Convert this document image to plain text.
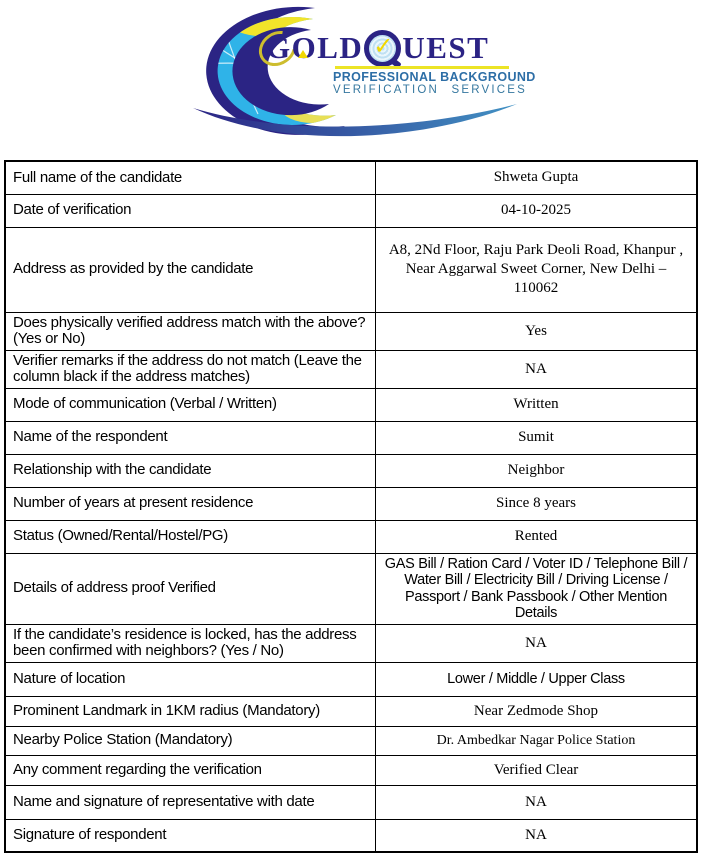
GOLD ✓ UEST
PROFESSIONAL BACKGROUND
VERIFICATION SERVICES
Full name of the candidate	Shweta Gupta
Date of verification	04-10-2025
Address as provided by the candidate	A8, 2Nd Floor, Raju Park Deoli Road, Khanpur , Near Aggarwal Sweet Corner, New Delhi – 110062
Does physically verified address match with the above? (Yes or No)	Yes
Verifier remarks if the address do not match (Leave the column black if the address matches)	NA
Mode of communication (Verbal / Written)	Written
Name of the respondent	Sumit
Relationship with the candidate	Neighbor
Number of years at present residence	Since 8 years
Status (Owned/Rental/Hostel/PG)	Rented
Details of address proof Verified	GAS Bill / Ration Card / Voter ID / Telephone Bill / Water Bill / Electricity Bill / Driving License / Passport / Bank Passbook / Other Mention Details
If the candidate’s residence is locked, has the address been confirmed with neighbors? (Yes / No)	NA
Nature of location	Lower / Middle / Upper Class
Prominent Landmark in 1KM radius (Mandatory)	Near Zedmode Shop
Nearby Police Station (Mandatory)	Dr. Ambedkar Nagar Police Station
Any comment regarding the verification	Verified Clear
Name and signature of representative with date	NA
Signature of respondent	NA
